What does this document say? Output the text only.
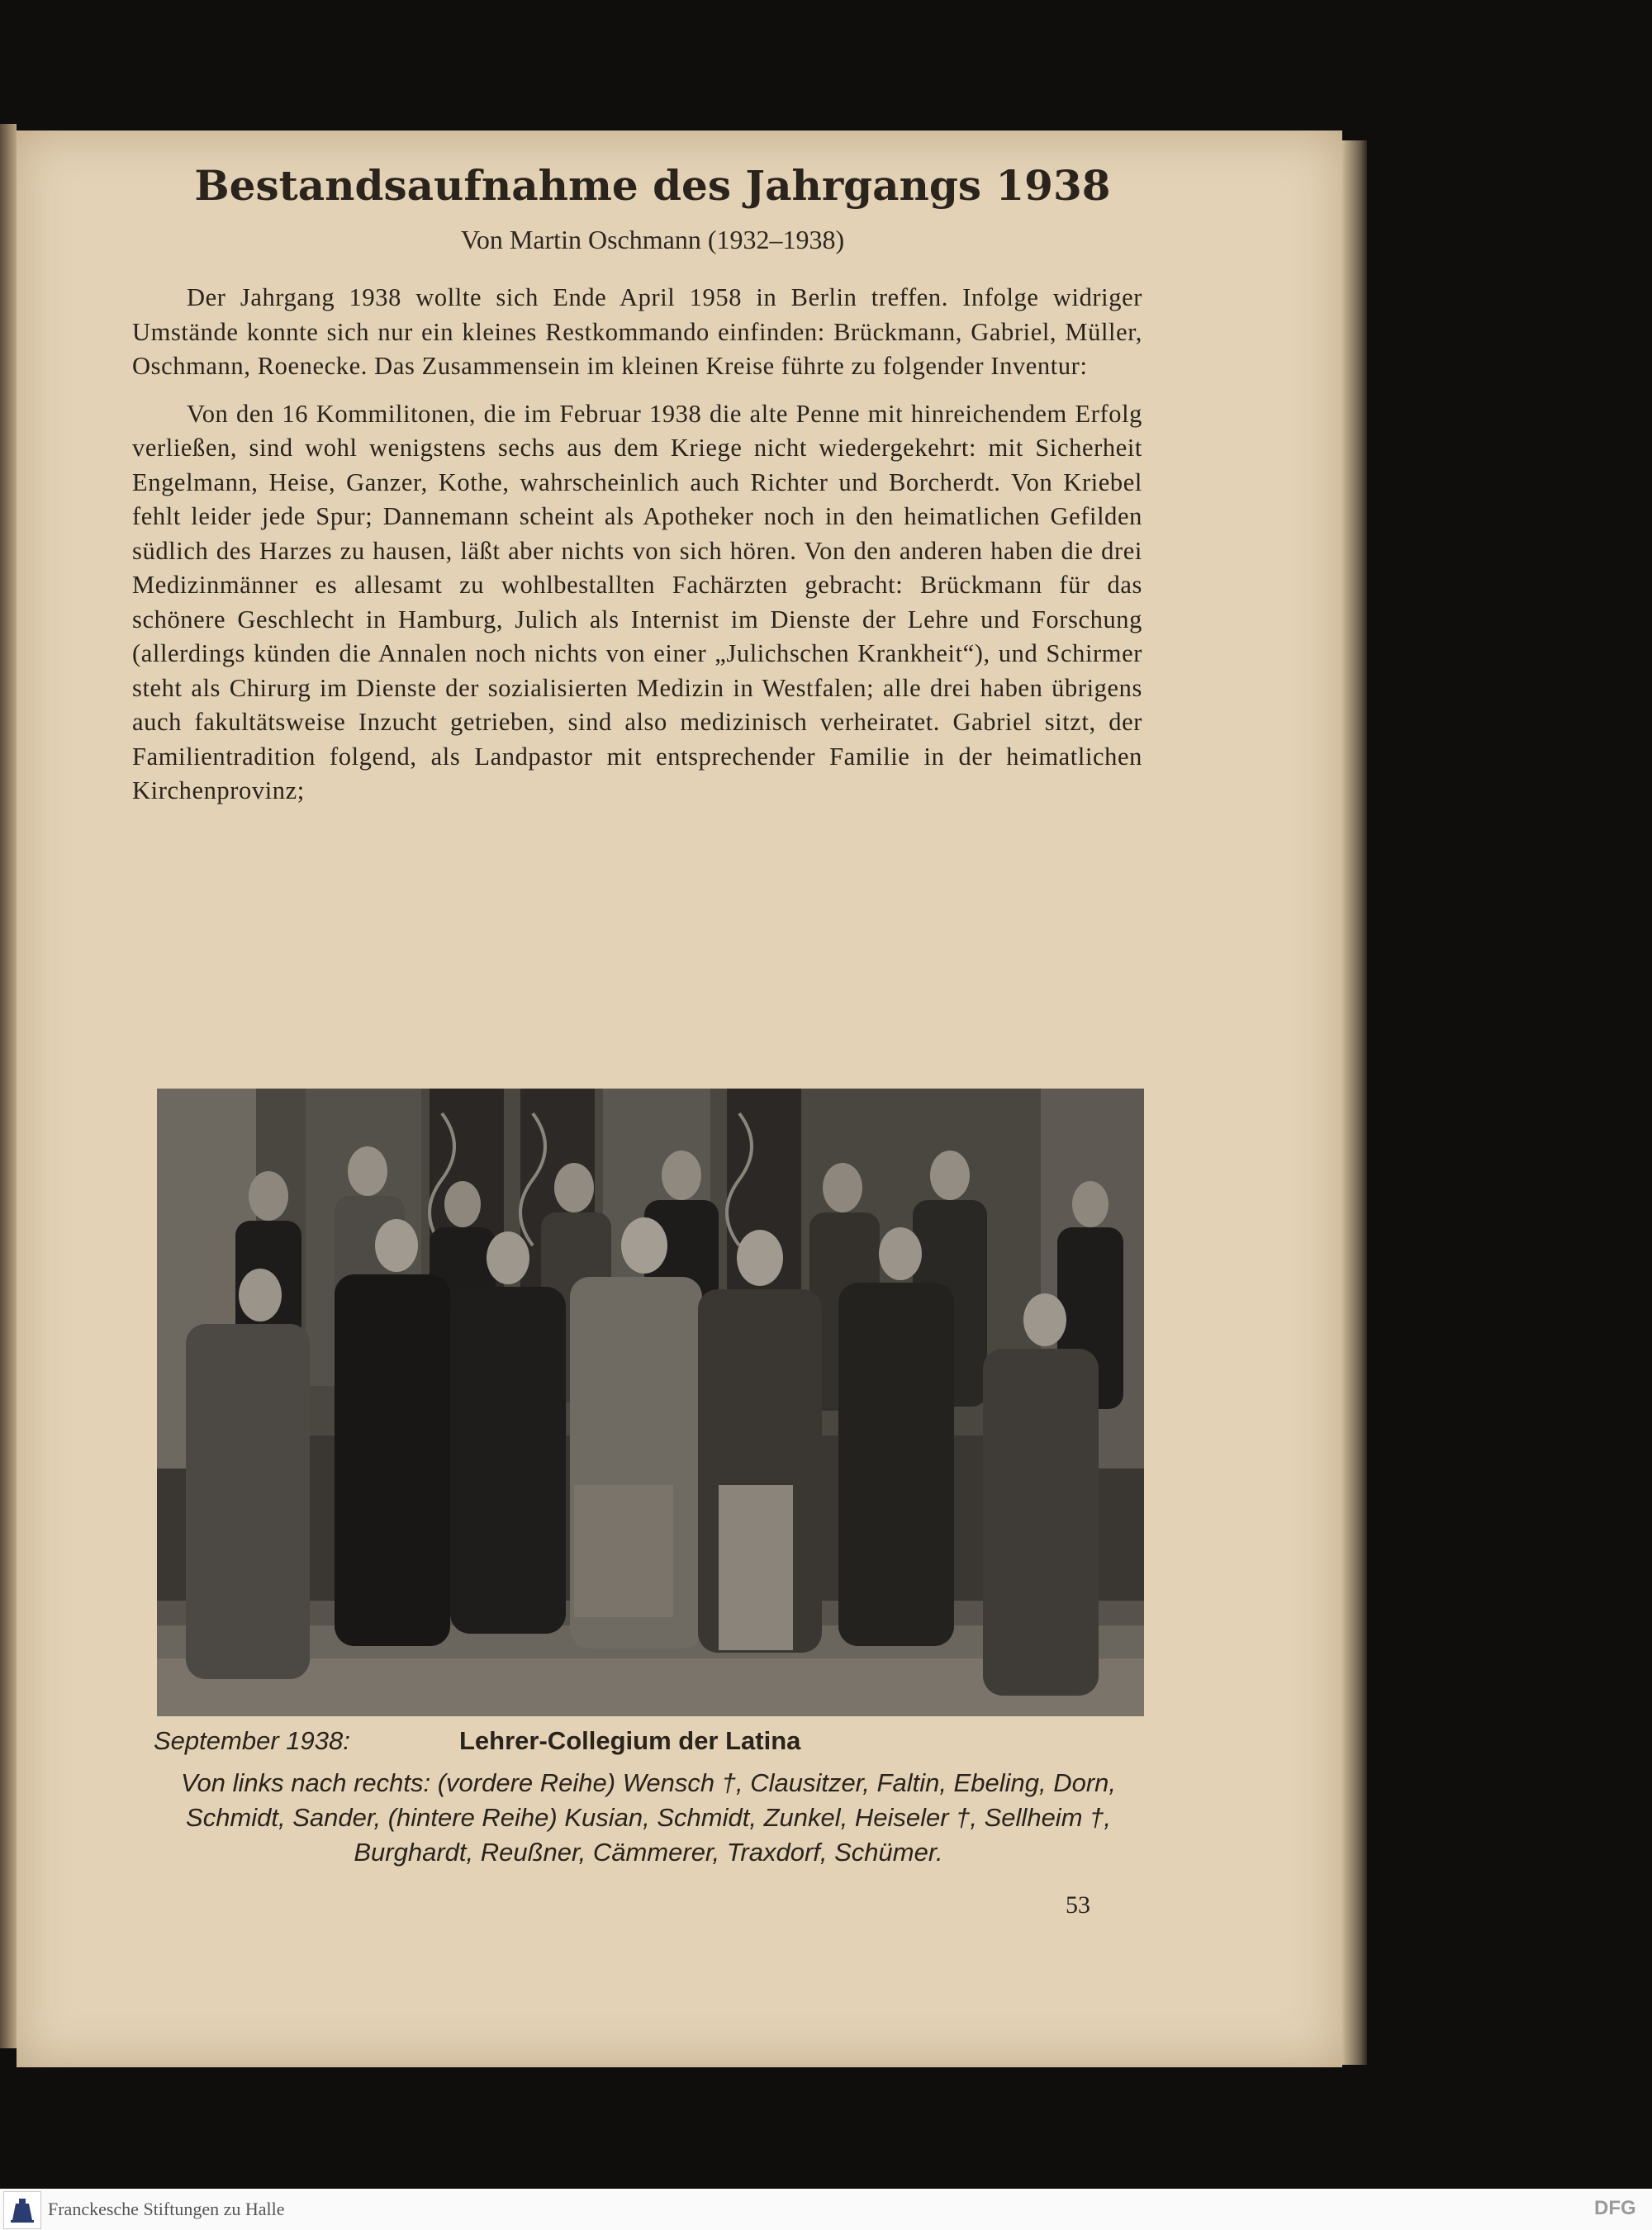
Bestandsaufnahme des Jahrgangs 1938
Von Martin Oschmann (1932–1938)

Der Jahrgang 1938 wollte sich Ende April 1958 in Berlin treffen. Infolge widriger Umstände konnte sich nur ein kleines Restkommando einfinden: Brückmann, Gabriel, Müller, Oschmann, Roenecke. Das Zusammensein im kleinen Kreise führte zu folgender Inventur:

Von den 16 Kommilitonen, die im Februar 1938 die alte Penne mit hinreichendem Erfolg verließen, sind wohl wenigstens sechs aus dem Kriege nicht wiedergekehrt: mit Sicherheit Engelmann, Heise, Ganzer, Kothe, wahrscheinlich auch Richter und Borcherdt. Von Kriebel fehlt leider jede Spur; Dannemann scheint als Apotheker noch in den heimatlichen Gefilden südlich des Harzes zu hausen, läßt aber nichts von sich hören. Von den anderen haben die drei Medizinmänner es allesamt zu wohlbestallten Fachärzten gebracht: Brückmann für das schönere Geschlecht in Hamburg, Julich als Internist im Dienste der Lehre und Forschung (allerdings künden die Annalen noch nichts von einer „Julichschen Krankheit“), und Schirmer steht als Chirurg im Dienste der sozialisierten Medizin in Westfalen; alle drei haben übrigens auch fakultätsweise Inzucht getrieben, sind also medizinisch verheiratet. Gabriel sitzt, der Familientradition folgend, als Landpastor mit entsprechender Familie in der heimatlichen Kirchenprovinz;

September 1938:	Lehrer-Collegium der Latina
Von links nach rechts: (vordere Reihe) Wensch †, Clausitzer, Faltin, Ebeling, Dorn, Schmidt, Sander, (hintere Reihe) Kusian, Schmidt, Zunkel, Heiseler †, Sellheim †, Burghardt, Reußner, Cämmerer, Traxdorf, Schümer.
53
Franckesche Stiftungen zu Halle	DFG
